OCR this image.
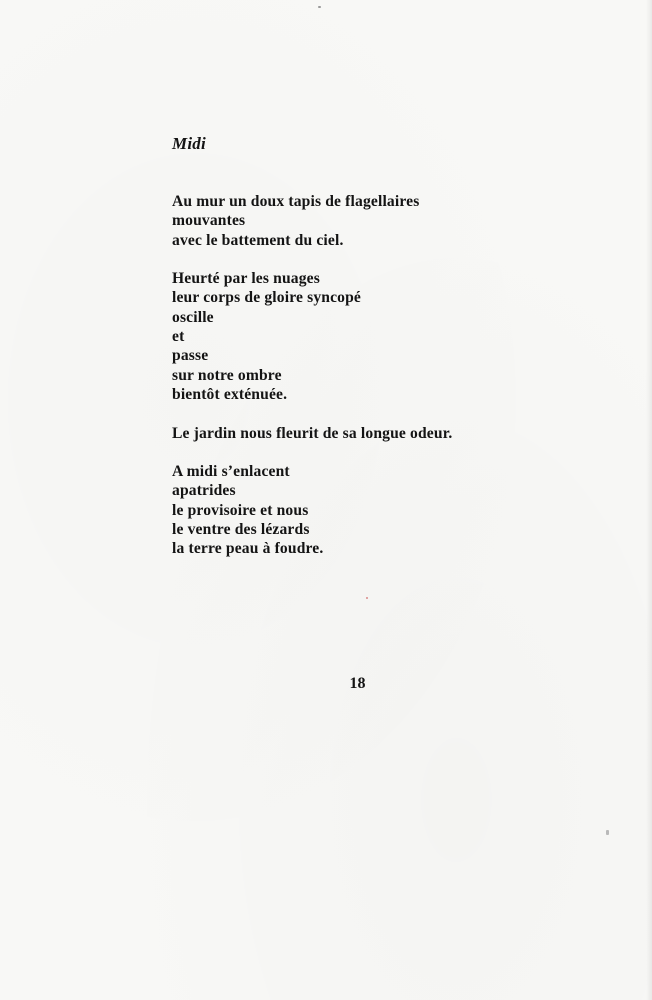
Midi

Au mur un doux tapis de flagellaires
mouvantes
avec le battement du ciel.

Heurté par les nuages
leur corps de gloire syncopé
oscille
et
passe
sur notre ombre
bientôt exténuée.

Le jardin nous fleurit de sa longue odeur.

A midi s’enlacent
apatrides
le provisoire et nous
le ventre des lézards
la terre peau à foudre.

18
